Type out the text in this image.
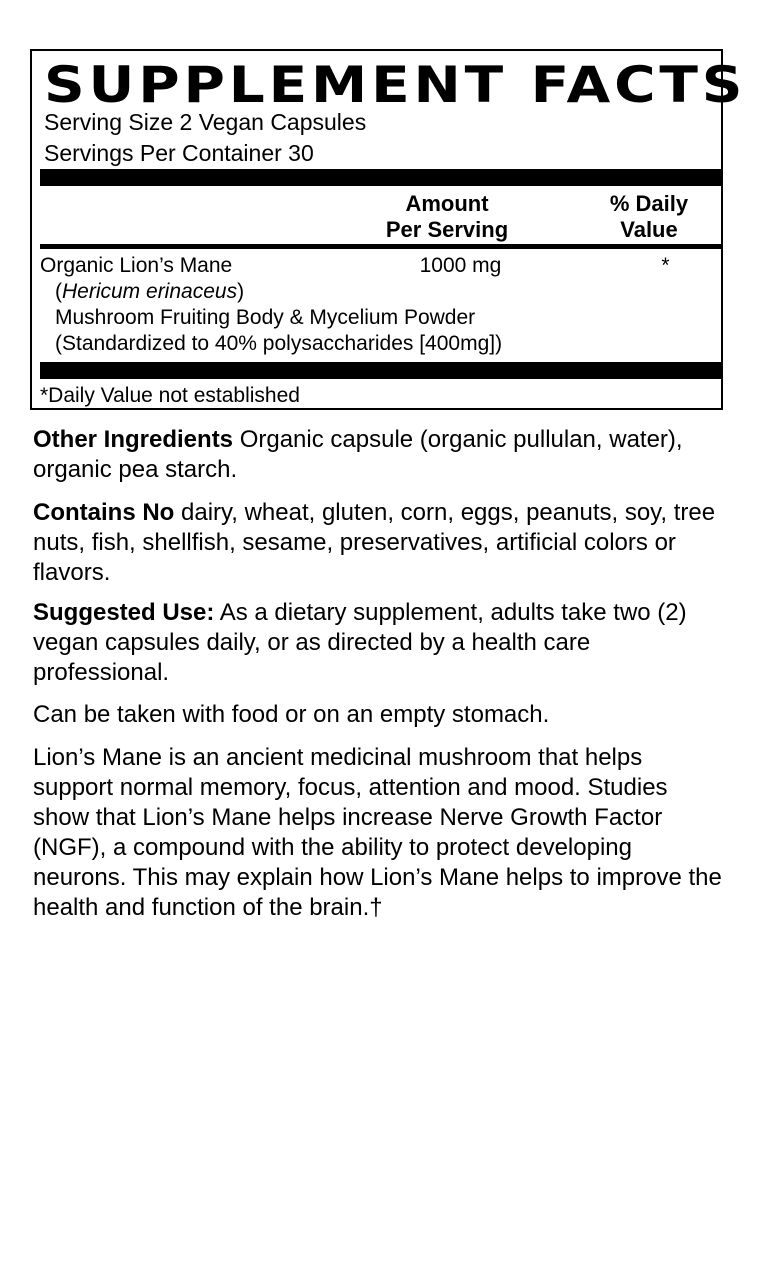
SUPPLEMENT FACTS
Serving Size 2 Vegan Capsules
Servings Per Container 30
Amount
Per Serving
% Daily
Value
Organic Lion’s Mane
(Hericum erinaceus)
Mushroom Fruiting Body & Mycelium Powder
(Standardized to 40% polysaccharides [400mg])
1000 mg	*
*Daily Value not established

Other Ingredients Organic capsule (organic pullulan, water), organic pea starch.

Contains No dairy, wheat, gluten, corn, eggs, peanuts, soy, tree nuts, fish, shellfish, sesame, preservatives, artificial colors or flavors.

Suggested Use: As a dietary supplement, adults take two (2) vegan capsules daily, or as directed by a health care professional.

Can be taken with food or on an empty stomach.

Lion’s Mane is an ancient medicinal mushroom that helps support normal memory, focus, attention and mood. Studies show that Lion’s Mane helps increase Nerve Growth Factor (NGF), a compound with the ability to protect developing neurons. This may explain how Lion’s Mane helps to improve the health and function of the brain.†
